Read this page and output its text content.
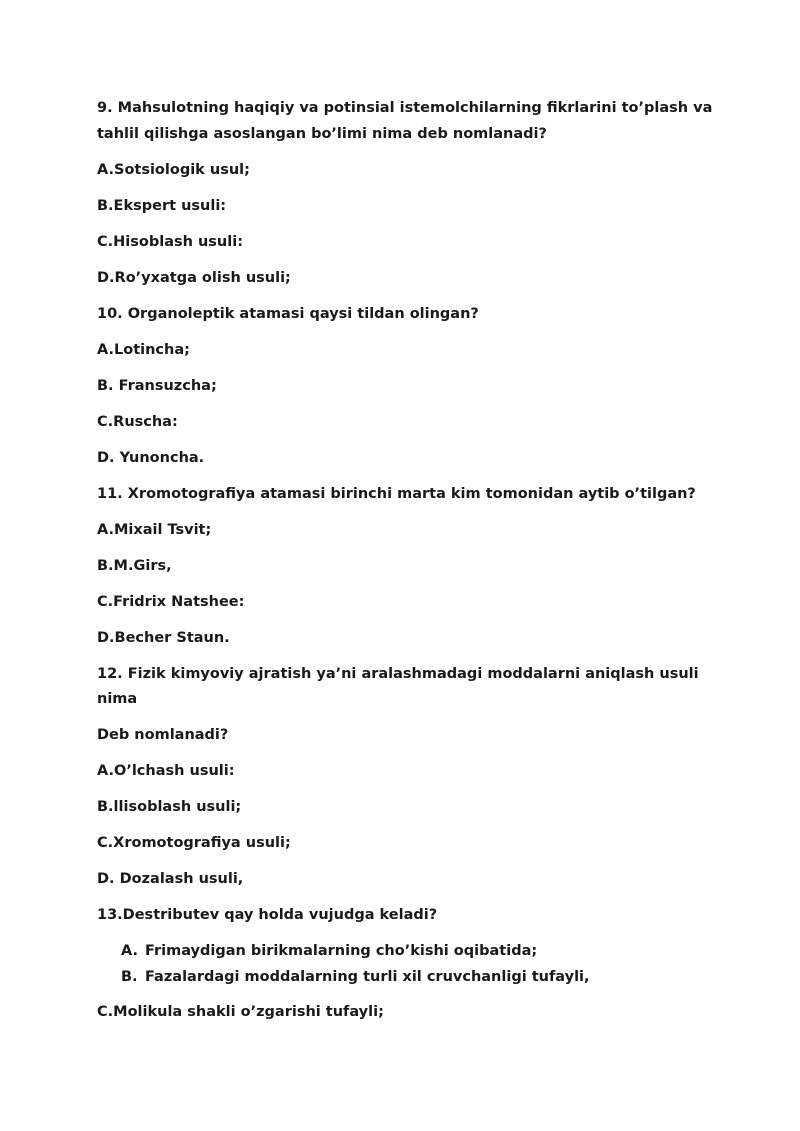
9. Mahsulotning haqiqiy va potinsial istemolchilarning fikrlarini to’plash va
tahlil qilishga asoslangan bo’limi nima deb nomlanadi?
A.Sotsiologik usul;
B.Ekspert usuli:
C.Hisoblash usuli:
D.Ro’yxatga olish usuli;
10. Organoleptik atamasi qaysi tildan olingan?
A.Lotincha;
B. Fransuzcha;
C.Ruscha:
D. Yunoncha.
11. Xromotografiya atamasi birinchi marta kim tomonidan aytib o’tilgan?
A.Mixail Tsvit;
B.M.Girs,
C.Fridrix Natshee:
D.Becher Staun.
12. Fizik kimyoviy ajratish ya’ni aralashmadagi moddalarni aniqlash usuli
nima
Deb nomlanadi?
A.O’lchash usuli:
B.llisoblash usuli;
C.Xromotografiya usuli;
D. Dozalash usuli,
13.Destributev qay holda vujudga keladi?
A. Frimaydigan birikmalarning cho’kishi oqibatida;
B. Fazalardagi moddalarning turli xil cruvchanligi tufayli,
C.Molikula shakli o’zgarishi tufayli;
